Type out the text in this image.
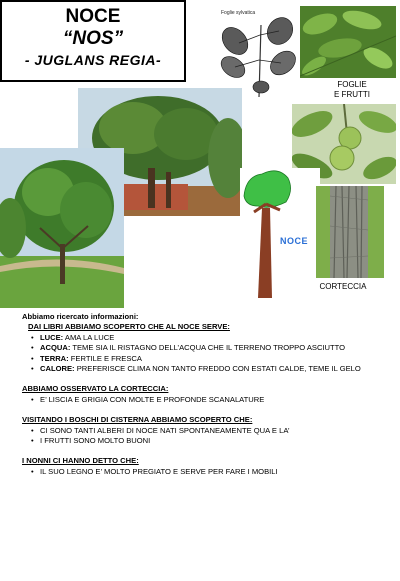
NOCE
“NOS”
- JUGLANS REGIA-
Foglie sylvatica
FOGLIE
E FRUTTI
NOCE
CORTECCIA
Abbiamo ricercato informazioni:
DAI LIBRI ABBIAMO SCOPERTO CHE AL NOCE SERVE:
• LUCE: AMA LA LUCE
• ACQUA: TEME SIA IL RISTAGNO DELL’ACQUA CHE IL TERRENO TROPPO ASCIUTTO
• TERRA: FERTILE E FRESCA
• CALORE: PREFERISCE CLIMA NON TANTO FREDDO CON ESTATI CALDE, TEME IL GELO
ABBIAMO OSSERVATO LA CORTECCIA:
• E’ LISCIA E GRIGIA CON MOLTE E PROFONDE SCANALATURE
VISITANDO I BOSCHI DI CISTERNA ABBIAMO SCOPERTO CHE:
• CI SONO TANTI ALBERI DI NOCE NATI SPONTANEAMENTE QUA E LA’
• I FRUTTI SONO MOLTO BUONI
I NONNI CI HANNO DETTO CHE:
• IL SUO LEGNO E’ MOLTO PREGIATO E SERVE PER FARE I MOBILI
